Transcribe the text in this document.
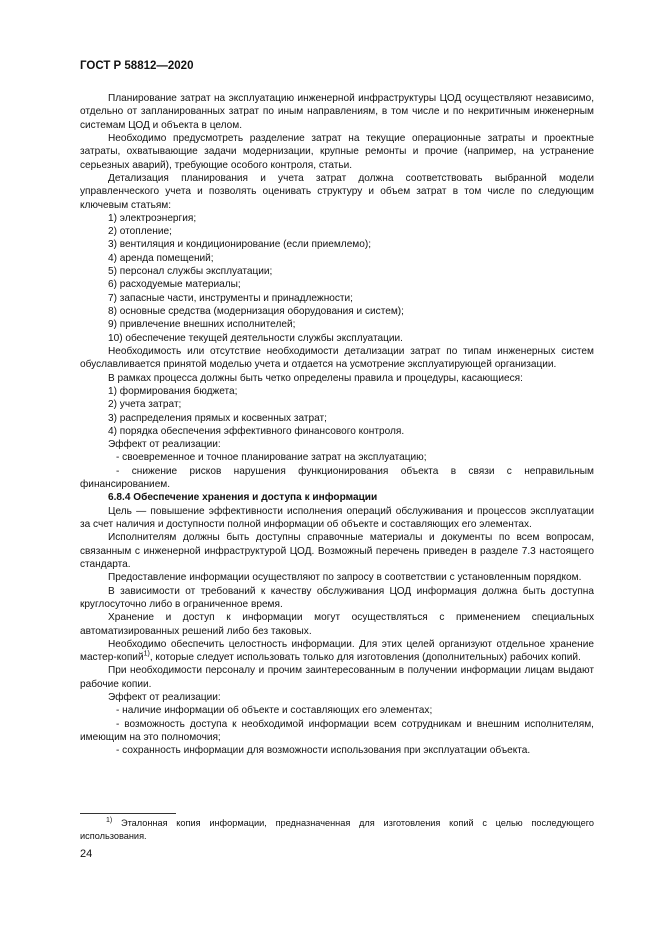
ГОСТ Р 58812—2020

Планирование затрат на эксплуатацию инженерной инфраструктуры ЦОД осуществляют независимо, отдельно от запланированных затрат по иным направлениям, в том числе и по некритичным инженерным системам ЦОД и объекта в целом.

Необходимо предусмотреть разделение затрат на текущие операционные затраты и проектные затраты, охватывающие задачи модернизации, крупные ремонты и прочие (например, на устранение серьезных аварий), требующие особого контроля, статьи.

Детализация планирования и учета затрат должна соответствовать выбранной модели управленческого учета и позволять оценивать структуру и объем затрат в том числе по следующим ключевым статьям:

1) электроэнергия;

2) отопление;

3) вентиляция и кондиционирование (если приемлемо);

4) аренда помещений;

5) персонал службы эксплуатации;

6) расходуемые материалы;

7) запасные части, инструменты и принадлежности;

8) основные средства (модернизация оборудования и систем);

9) привлечение внешних исполнителей;

10) обеспечение текущей деятельности службы эксплуатации.

Необходимость или отсутствие необходимости детализации затрат по типам инженерных систем обуславливается принятой моделью учета и отдается на усмотрение эксплуатирующей организации.

В рамках процесса должны быть четко определены правила и процедуры, касающиеся:

1) формирования бюджета;

2) учета затрат;

3) распределения прямых и косвенных затрат;

4) порядка обеспечения эффективного финансового контроля.

Эффект от реализации:

- своевременное и точное планирование затрат на эксплуатацию;

- снижение рисков нарушения функционирования объекта в связи с неправильным финансированием.

6.8.4 Обеспечение хранения и доступа к информации

Цель — повышение эффективности исполнения операций обслуживания и процессов эксплуатации за счет наличия и доступности полной информации об объекте и составляющих его элементах.

Исполнителям должны быть доступны справочные материалы и документы по всем вопросам, связанным с инженерной инфраструктурой ЦОД. Возможный перечень приведен в разделе 7.3 настоящего стандарта.

Предоставление информации осуществляют по запросу в соответствии с установленным порядком.

В зависимости от требований к качеству обслуживания ЦОД информация должна быть доступна круглосуточно либо в ограниченное время.

Хранение и доступ к информации могут осуществляться с применением специальных автоматизированных решений либо без таковых.

Необходимо обеспечить целостность информации. Для этих целей организуют отдельное хранение мастер-копий$^{1)}$, которые следует использовать только для изготовления (дополнительных) рабочих копий.

При необходимости персоналу и прочим заинтересованным в получении информации лицам выдают рабочие копии.

Эффект от реализации:

- наличие информации об объекте и составляющих его элементах;

- возможность доступа к необходимой информации всем сотрудникам и внешним исполнителям, имеющим на это полномочия;

- сохранность информации для возможности использования при эксплуатации объекта.

$^{1)}$ Эталонная копия информации, предназначенная для изготовления копий с целью последующего использования.
24
